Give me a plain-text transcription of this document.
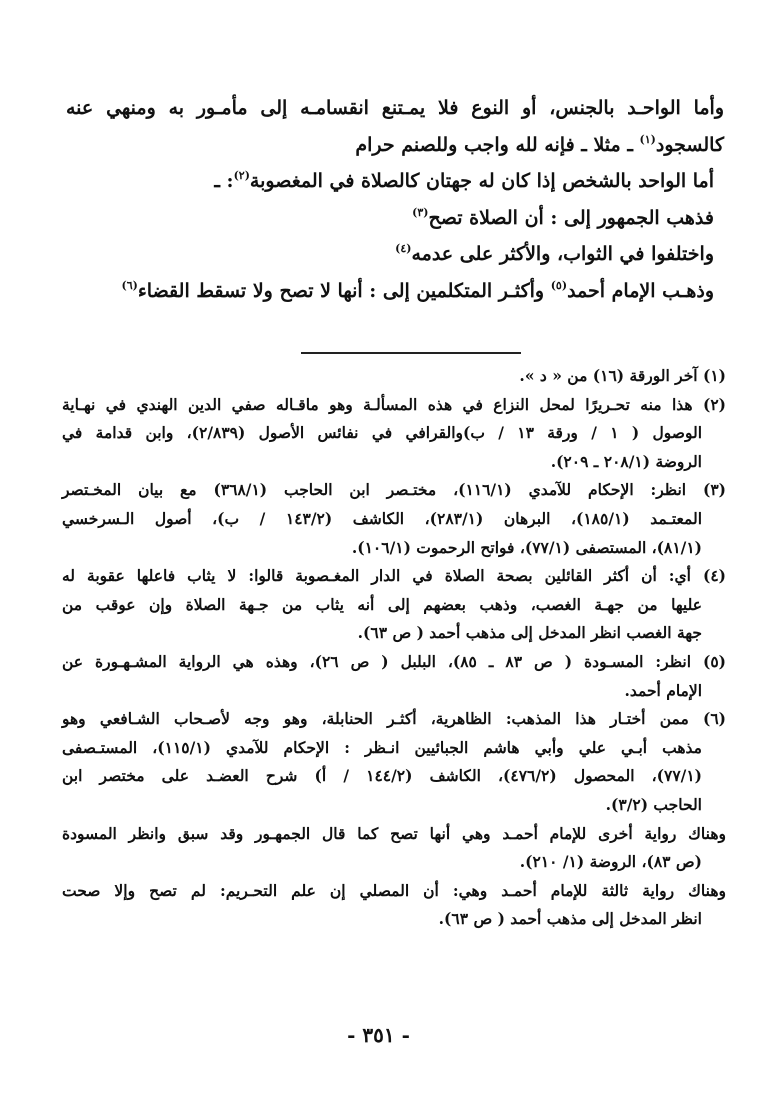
وأما الواحـد بالجنس، أو النوع فلا يمـتنع انقسامـه إلى مأمـور به ومنهي عنه

كالسجود$^{(١)}$ ـ مثلا ـ فإنه لله واجب وللصنم حرام

أما الواحد بالشخص إذا كان له جهتان كالصلاة في المغصوبة$^{(٢)}$: ـ

فذهب الجمهور إلى : أن الصلاة تصح$^{(٣)}$

واختلفوا في الثواب، والأكثر على عدمه$^{(٤)}$

وذهـب الإمام أحمد$^{(٥)}$ وأكثـر المتكلمين إلى : أنها لا تصح ولا تسقط القضاء$^{(٦)}$

(١) آخر الورقة (١٦) من « د ».

(٢) هذا منه تحـريرًا لمحل النزاع في هذه المسألـة وهو ماقـاله صفي الدين الهندي في نهـاية

الوصول ( ١ / ورقة ١٣ / ب)والقرافي في نفائس الأصول (٢/٨٣٩)، وابن قدامة في

الروضة (٢٠٨/١ ـ ٢٠٩).

(٣) انظر: الإحكام للآمدي (١١٦/١)، مختـصر ابن الحاجب (٣٦٨/١) مع بيان المخـتصر

المعتـمد (١٨٥/١)، البرهان (٢٨٣/١)، الكاشف (١٤٣/٢ / ب)، أصول الـسرخسي

(٨١/١)، المستصفى (٧٧/١)، فواتح الرحموت (١٠٦/١).

(٤) أي: أن أكثر القائلين بصحة الصلاة في الدار المغـصوبة قالوا: لا يثاب فاعلها عقوبة له

عليها من جهـة الغصب، وذهب بعضهم إلى أنه يثاب من جـهة الصلاة وإن عوقب من

جهة الغصب انظر المدخل إلى مذهب أحمد ( ص ٦٣).

(٥) انظر: المسـودة ( ص ٨٣ ـ ٨٥)، البلبل ( ص ٢٦)، وهذه هي الرواية المشـهـورة عن

الإمام أحمد.

(٦) ممن أختـار هذا المذهب: الظاهرية، أكثـر الحنابلة، وهو وجه لأصـحاب الشـافعي وهو

مذهب أبـي علي وأبي هاشم الجبائيين انـظر : الإحكام للآمدي (١١٥/١)، المستـصفى

(٧٧/١)، المحصول (٤٧٦/٢)، الكاشف (١٤٤/٢ / أ) شرح العضـد على مختصر ابن

الحاجب (٣/٢).

وهناك رواية أخرى للإمام أحمـد وهي أنها تصح كما قال الجمهـور وقد سبق وانظر المسودة

(ص ٨٣)، الروضة (١/ ٢١٠).

وهناك رواية ثالثة للإمام أحمـد وهي: أن المصلي إن علم التحـريم: لم تصح وإلا صحت

انظر المدخل إلى مذهب أحمد ( ص ٦٣).

- ٣٥١ -
